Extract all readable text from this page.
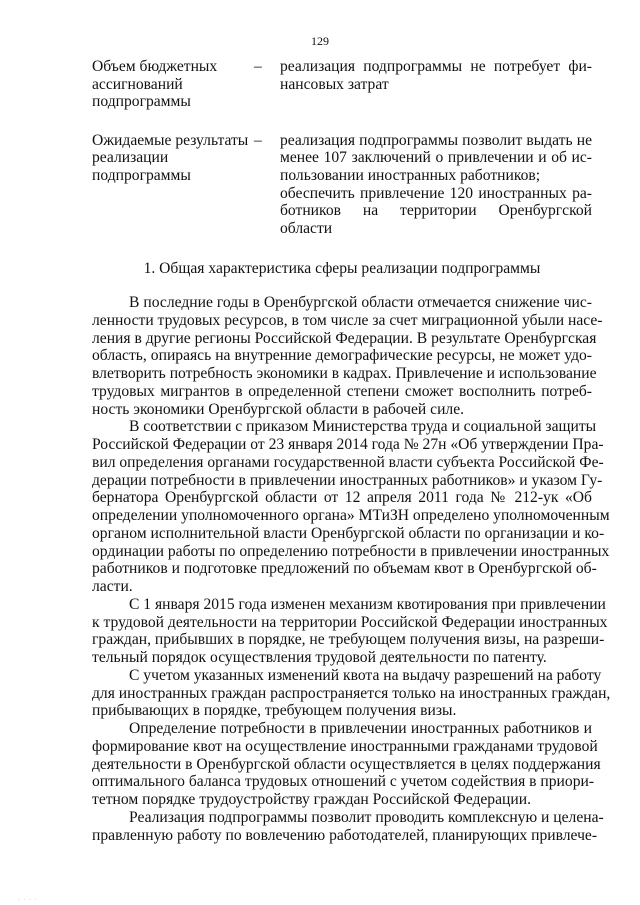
129
Объем бюджетных
ассигнований
подпрограммы
–	реализация подпрограммы не потребует фи-
нансовых затрат
Ожидаемые результаты
реализации
подпрограммы
–	реализация подпрограммы позволит выдать не
менее 107 заключений о привлечении и об ис-
пользовании иностранных работников;
обеспечить привлечение 120 иностранных ра-
ботников на территории Оренбургской области
1. Общая характеристика сферы реализации подпрограммы
В последние годы в Оренбургской области отмечается снижение чис-
ленности трудовых ресурсов, в том числе за счет миграционной убыли насе-
ления в другие регионы Российской Федерации. В результате Оренбургская
область, опираясь на внутренние демографические ресурсы, не может удо-
влетворить потребность экономики в кадрах. Привлечение и использование
трудовых мигрантов в определенной степени сможет восполнить потреб-
ность экономики Оренбургской области в рабочей силе.
В соответствии с приказом Министерства труда и социальной защиты
Российской Федерации от 23 января 2014 года № 27н «Об утверждении Пра-
вил определения органами государственной власти субъекта Российской Фе-
дерации потребности в привлечении иностранных работников» и указом Гу-
бернатора Оренбургской области от 12 апреля 2011 года № 212-ук «Об
определении уполномоченного органа» МТиЗН определено уполномоченным
органом исполнительной власти Оренбургской области по организации и ко-
ординации работы по определению потребности в привлечении иностранных
работников и подготовке предложений по объемам квот в Оренбургской об-
ласти.
С 1 января 2015 года изменен механизм квотирования при привлечении
к трудовой деятельности на территории Российской Федерации иностранных
граждан, прибывших в порядке, не требующем получения визы, на разреши-
тельный порядок осуществления трудовой деятельности по патенту.
С учетом указанных изменений квота на выдачу разрешений на работу
для иностранных граждан распространяется только на иностранных граждан,
прибывающих в порядке, требующем получения визы.
Определение потребности в привлечении иностранных работников и
формирование квот на осуществление иностранными гражданами трудовой
деятельности в Оренбургской области осуществляется в целях поддержания
оптимального баланса трудовых отношений с учетом содействия в приори-
тетном порядке трудоустройству граждан Российской Федерации.
Реализация подпрограммы позволит проводить комплексную и целена-
правленную работу по вовлечению работодателей, планирующих привлече-
· · · ·
